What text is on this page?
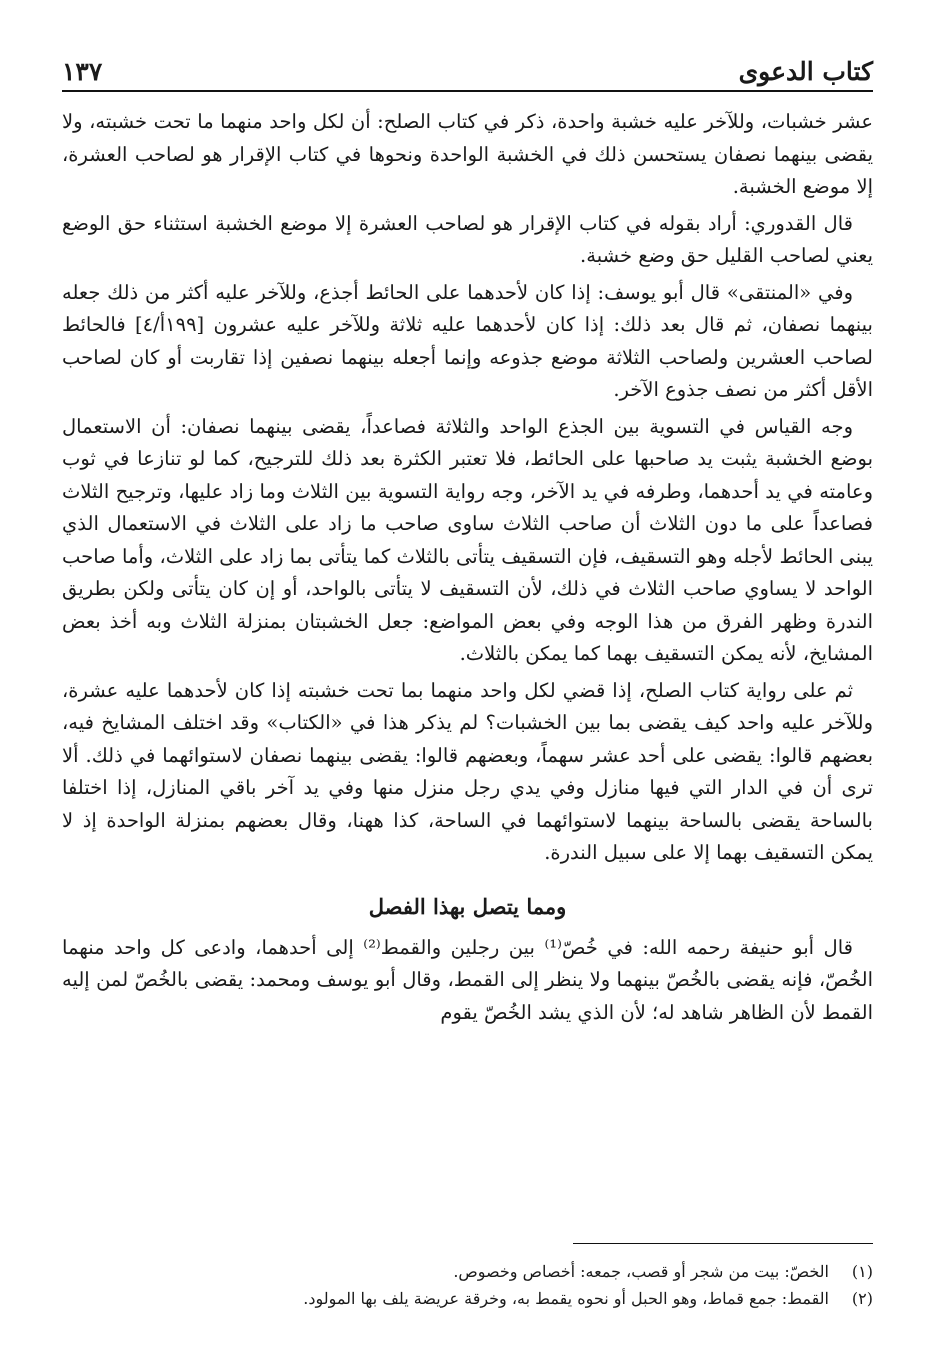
كتاب الدعوى
١٣٧

عشر خشبات، وللآخر عليه خشبة واحدة، ذكر في كتاب الصلح: أن لكل واحد منهما ما تحت خشبته، ولا يقضى بينهما نصفان يستحسن ذلك في الخشبة الواحدة ونحوها في كتاب الإقرار هو لصاحب العشرة، إلا موضع الخشبة.

قال القدوري: أراد بقوله في كتاب الإقرار هو لصاحب العشرة إلا موضع الخشبة استثناء حق الوضع يعني لصاحب القليل حق وضع خشبة.

وفي «المنتقى» قال أبو يوسف: إذا كان لأحدهما على الحائط أجذع، وللآخر عليه أكثر من ذلك جعله بينهما نصفان، ثم قال بعد ذلك: إذا كان لأحدهما عليه ثلاثة وللآخر عليه عشرون [١٩٩أ/٤] فالحائط لصاحب العشرين ولصاحب الثلاثة موضع جذوعه وإنما أجعله بينهما نصفين إذا تقاربت أو كان لصاحب الأقل أكثر من نصف جذوع الآخر.

وجه القياس في التسوية بين الجذع الواحد والثلاثة فصاعداً، يقضى بينهما نصفان: أن الاستعمال بوضع الخشبة يثبت يد صاحبها على الحائط، فلا تعتبر الكثرة بعد ذلك للترجيح، كما لو تنازعا في ثوب وعامته في يد أحدهما، وطرفه في يد الآخر، وجه رواية التسوية بين الثلاث وما زاد عليها، وترجيح الثلاث فصاعداً على ما دون الثلاث أن صاحب الثلاث ساوى صاحب ما زاد على الثلاث في الاستعمال الذي يبنى الحائط لأجله وهو التسقيف، فإن التسقيف يتأتى بالثلاث كما يتأتى بما زاد على الثلاث، وأما صاحب الواحد لا يساوي صاحب الثلاث في ذلك، لأن التسقيف لا يتأتى بالواحد، أو إن كان يتأتى ولكن بطريق الندرة وظهر الفرق من هذا الوجه وفي بعض المواضع: جعل الخشبتان بمنزلة الثلاث وبه أخذ بعض المشايخ، لأنه يمكن التسقيف بهما كما يمكن بالثلاث.

ثم على رواية كتاب الصلح، إذا قضي لكل واحد منهما بما تحت خشبته إذا كان لأحدهما عليه عشرة، وللآخر عليه واحد كيف يقضى بما بين الخشبات؟ لم يذكر هذا في «الكتاب» وقد اختلف المشايخ فيه، بعضهم قالوا: يقضى على أحد عشر سهماً، وبعضهم قالوا: يقضى بينهما نصفان لاستوائهما في ذلك. ألا ترى أن في الدار التي فيها منازل وفي يدي رجل منزل منها وفي يد آخر باقي المنازل، إذا اختلفا بالساحة يقضى بالساحة بينهما لاستوائهما في الساحة، كذا ههنا، وقال بعضهم بمنزلة الواحدة إذ لا يمكن التسقيف بهما إلا على سبيل الندرة.

ومما يتصل بهذا الفصل

قال أبو حنيفة رحمه الله: في خُصّ⁽¹⁾ بين رجلين والقمط⁽²⁾ إلى أحدهما، وادعى كل واحد منهما الخُصّ، فإنه يقضى بالخُصّ بينهما ولا ينظر إلى القمط، وقال أبو يوسف ومحمد: يقضى بالخُصّ لمن إليه القمط لأن الظاهر شاهد له؛ لأن الذي يشد الخُصّ يقوم

(١)
الخصّ: بيت من شجر أو قصب، جمعه: أخصاص وخصوص.
(٢)
القمط: جمع قماط، وهو الحبل أو نحوه يقمط به، وخرقة عريضة يلف بها المولود.
